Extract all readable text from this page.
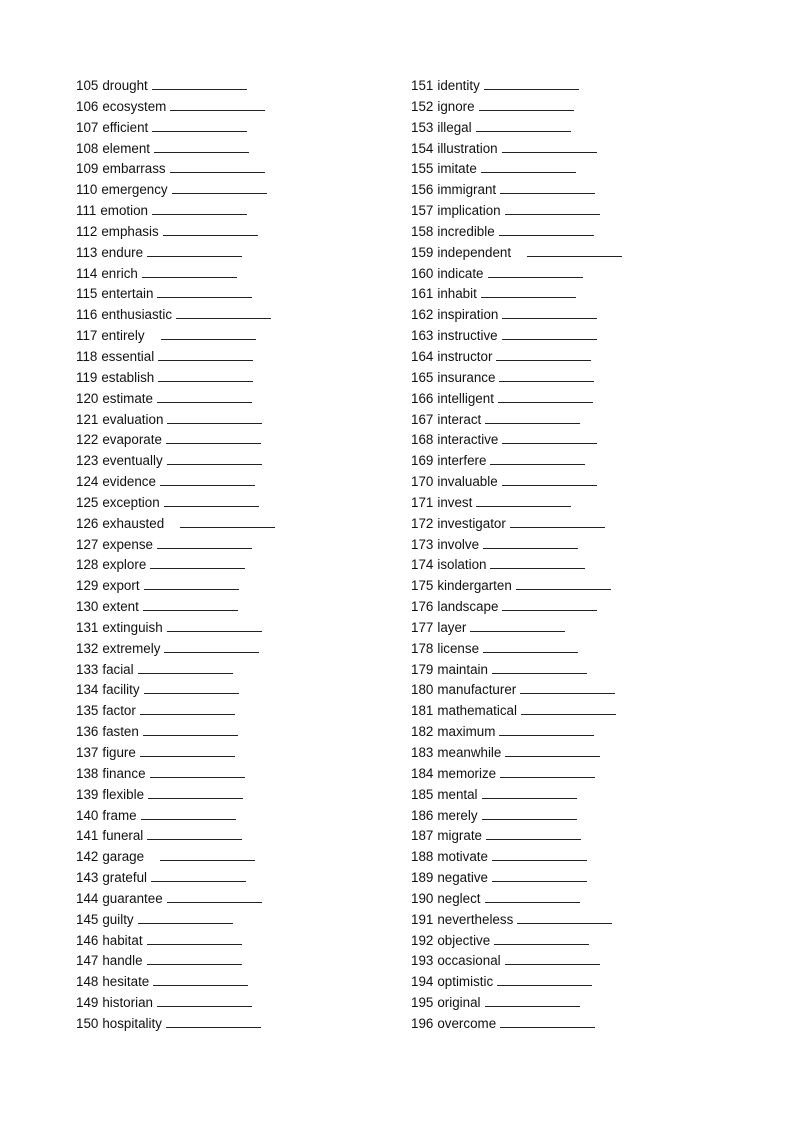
105 drought
106 ecosystem
107 efficient
108 element
109 embarrass
110 emergency
111 emotion
112 emphasis
113 endure
114 enrich
115 entertain
116 enthusiastic
117 entirely
118 essential
119 establish
120 estimate
121 evaluation
122 evaporate
123 eventually
124 evidence
125 exception
126 exhausted
127 expense
128 explore
129 export
130 extent
131 extinguish
132 extremely
133 facial
134 facility
135 factor
136 fasten
137 figure
138 finance
139 flexible
140 frame
141 funeral
142 garage
143 grateful
144 guarantee
145 guilty
146 habitat
147 handle
148 hesitate
149 historian
150 hospitality
151 identity
152 ignore
153 illegal
154 illustration
155 imitate
156 immigrant
157 implication
158 incredible
159 independent
160 indicate
161 inhabit
162 inspiration
163 instructive
164 instructor
165 insurance
166 intelligent
167 interact
168 interactive
169 interfere
170 invaluable
171 invest
172 investigator
173 involve
174 isolation
175 kindergarten
176 landscape
177 layer
178 license
179 maintain
180 manufacturer
181 mathematical
182 maximum
183 meanwhile
184 memorize
185 mental
186 merely
187 migrate
188 motivate
189 negative
190 neglect
191 nevertheless
192 objective
193 occasional
194 optimistic
195 original
196 overcome
